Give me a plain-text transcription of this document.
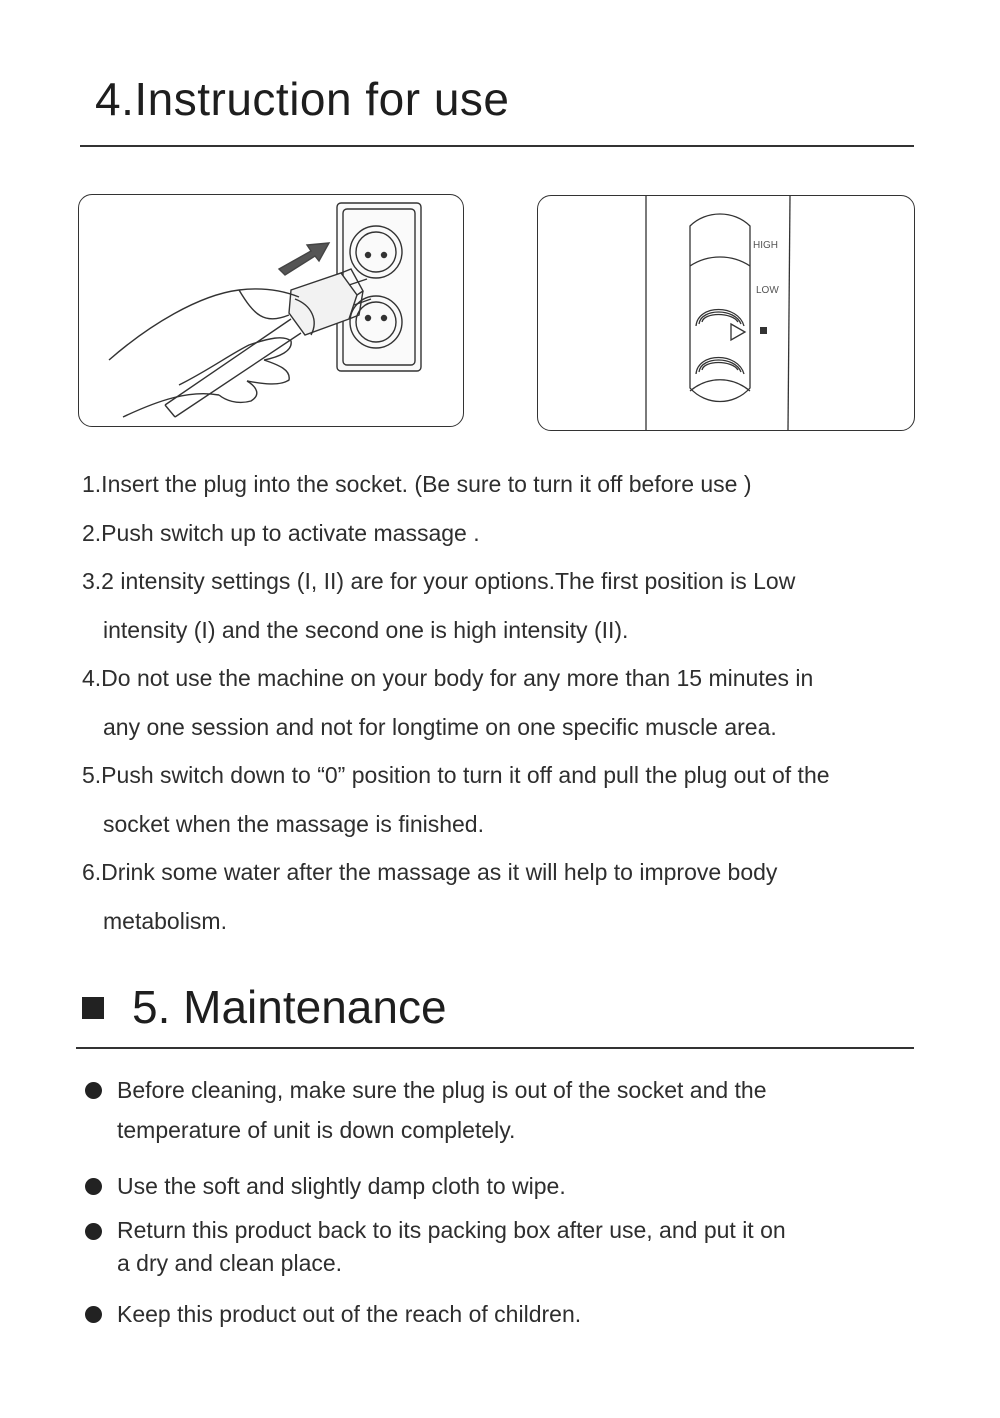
4.Instruction for use
HIGH
LOW
1.Insert the plug into the socket. (Be sure to turn it off before use )
2.Push switch up to activate massage .
3.2 intensity settings (I, II) are for your options.The first position is Low
intensity (I) and the second one is high intensity (II).
4.Do not use the machine on your body for any more than 15 minutes in
any one session and not for longtime on one specific muscle area.
5.Push switch down to “0” position to turn it off and pull the plug out of the
socket when the massage is finished.
6.Drink some water after the massage as it will help to improve body
metabolism.
5. Maintenance
Before cleaning, make sure the plug is out of the socket and the
temperature of unit is down completely.
Use the soft and slightly damp cloth to wipe.
Return this product back to its packing box after use, and put it on
a dry and clean place.
Keep this product out of the reach of children.
